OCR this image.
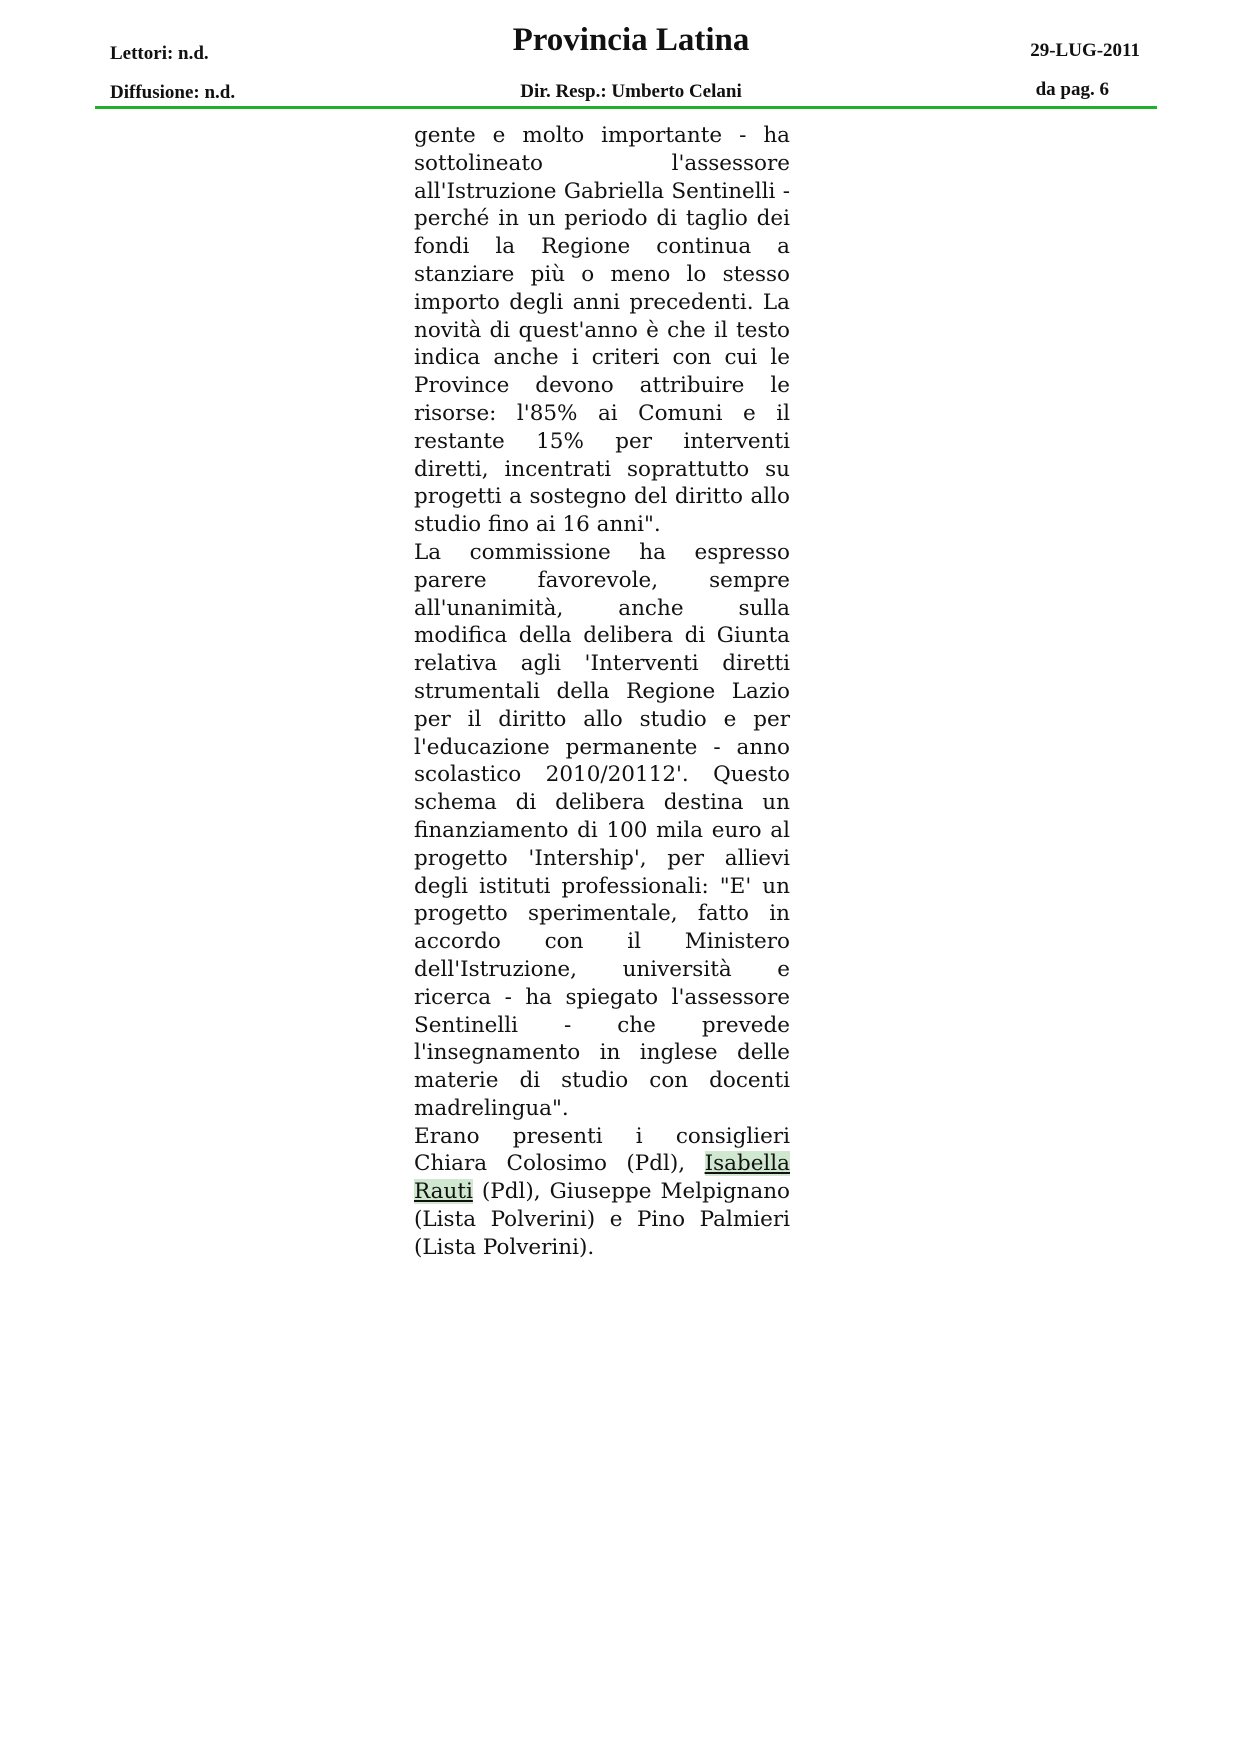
Lettori: n.d.
Diffusione: n.d.
Provincia Latina
Dir. Resp.: Umberto Celani
29-LUG-2011
da pag. 6

gente e molto importante - ha sottolineato l'assessore all'Istruzione Gabriella Sentinelli - perché in un periodo di taglio dei fondi la Regione continua a stanziare più o meno lo stesso importo degli anni precedenti. La novità di quest'anno è che il testo indica anche i criteri con cui le Province devono attribuire le risorse: l'85% ai Comuni e il restante 15% per interventi diretti, incentrati soprattutto su progetti a sostegno del diritto allo studio fino ai 16 anni".

La commissione ha espresso parere favorevole, sempre all'unanimità, anche sulla modifica della delibera di Giunta relativa agli 'Interventi diretti strumentali della Regione Lazio per il diritto allo studio e per l'educazione permanente - anno scolastico 2010/20112'. Questo schema di delibera destina un finanziamento di 100 mila euro al progetto 'Intership', per allievi degli istituti professionali: "E' un progetto sperimentale, fatto in accordo con il Ministero dell'Istruzione, università e ricerca - ha spiegato l'assessore Sentinelli - che prevede l'insegnamento in inglese delle materie di studio con docenti madrelingua".

Erano presenti i consiglieri Chiara Colosimo (Pdl), Isabella Rauti (Pdl), Giuseppe Melpignano (Lista Polverini) e Pino Palmieri (Lista Polverini).
